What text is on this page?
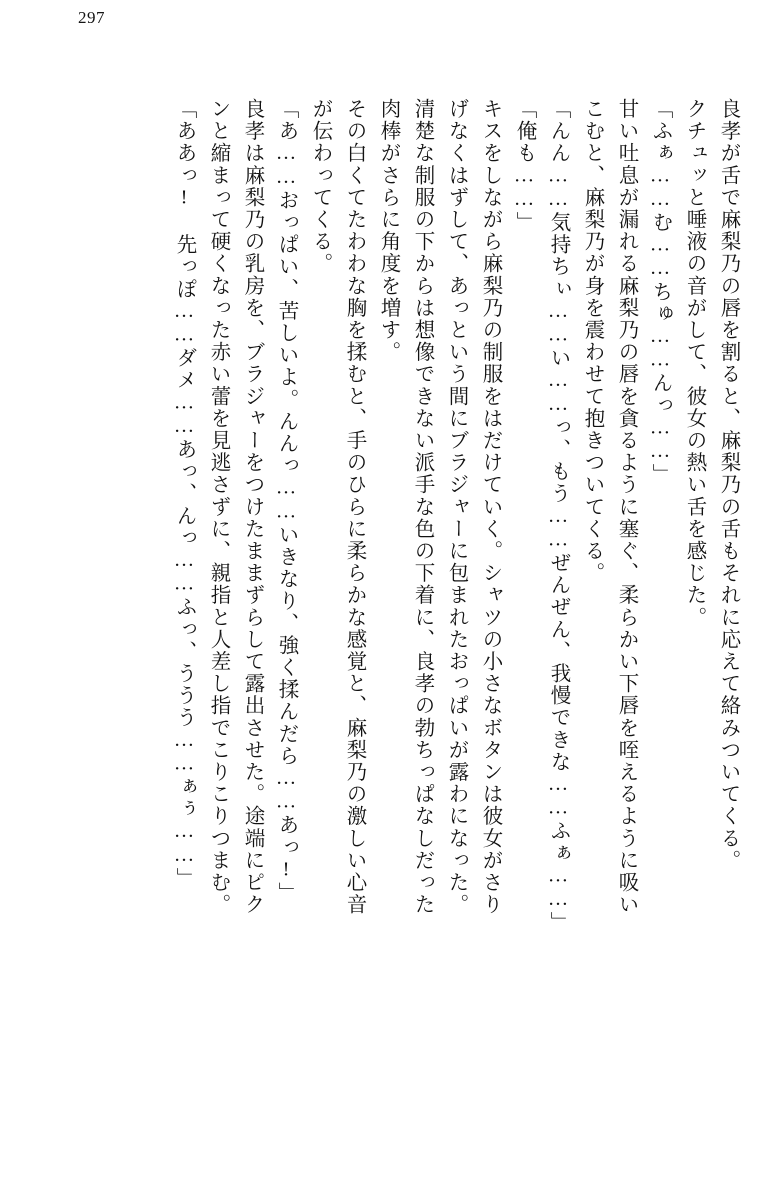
297
良孝が舌で麻梨乃の唇を割ると、麻梨乃の舌もそれに応えて絡みついてくる。
クチュッと唾液の音がして、彼女の熱い舌を感じた。
「ふぁ……む……ちゅ……んっ……」
甘い吐息が漏れる麻梨乃の唇を貪るように塞ぐ、柔らかい下唇を咥えるように吸い
こむと、麻梨乃が身を震わせて抱きついてくる。
「んん……気持ちぃ……い……っ、もう……ぜんぜん、我慢できな……ふぁ……」
「俺も……」
キスをしながら麻梨乃の制服をはだけていく。シャツの小さなボタンは彼女がさり
げなくはずして、あっという間にブラジャーに包まれたおっぱいが露わになった。
清楚な制服の下からは想像できない派手な色の下着に、良孝の勃ちっぱなしだった
肉棒がさらに角度を増す。
その白くてたわわな胸を揉むと、手のひらに柔らかな感覚と、麻梨乃の激しい心音
が伝わってくる。
「あ……おっぱい、苦しいよ。んんっ……いきなり、強く揉んだら……あっ!」
良孝は麻梨乃の乳房を、ブラジャーをつけたままずらして露出させた。途端にピク
ンと縮まって硬くなった赤い蕾を見逃さずに、親指と人差し指でこりこりつまむ。
「ああっ! 先っぽ……ダメ……あっ、んっ……ふっ、ううう……ぁぅ……」
